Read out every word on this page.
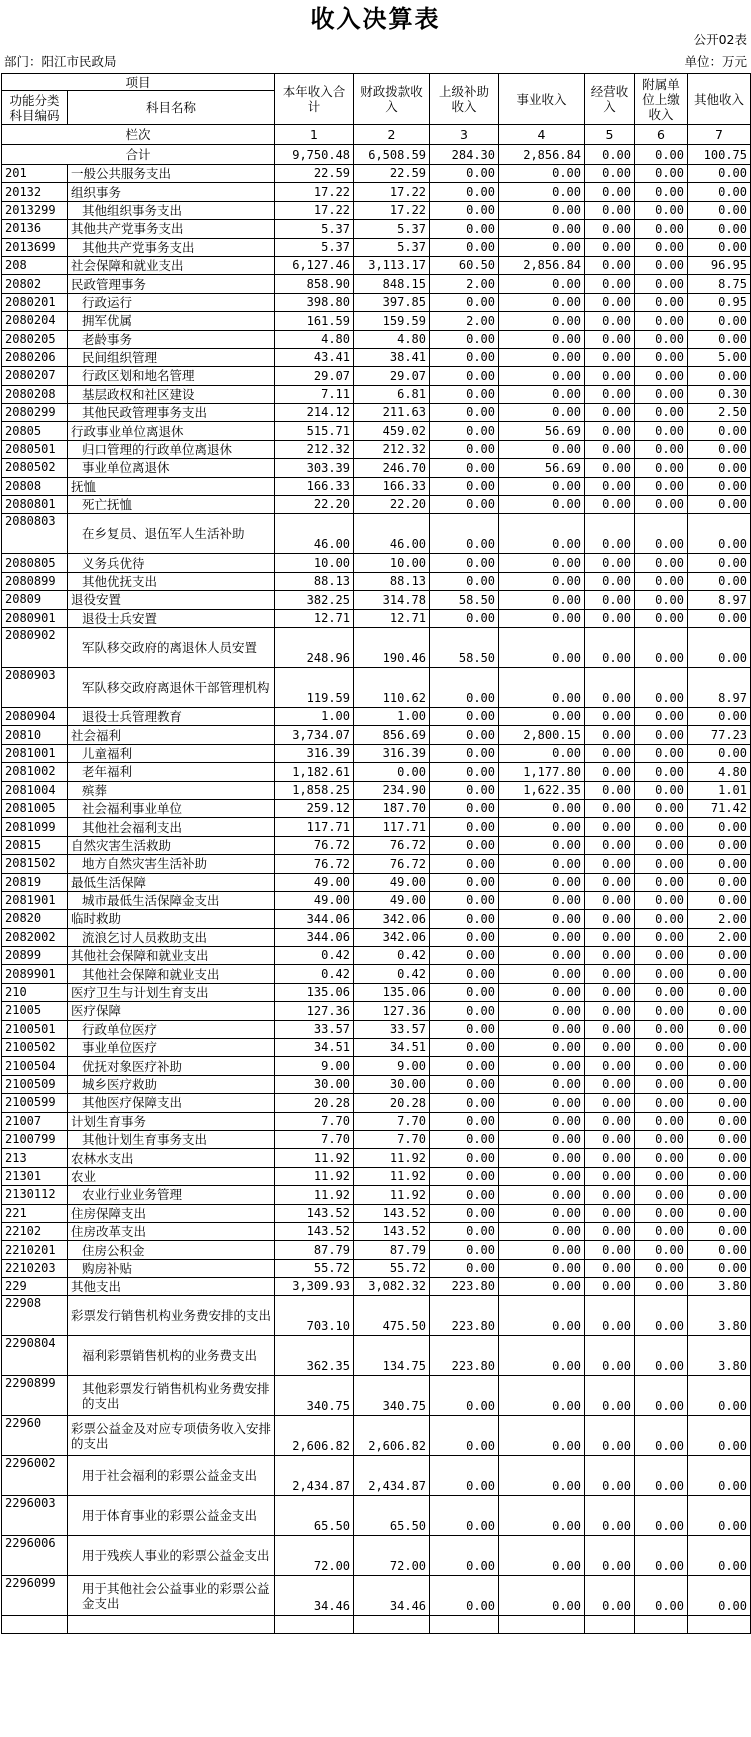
收入决算表
公开02表
部门：阳江市民政局	单位：万元
项目		本年收入合计	财政拨款收入	上级补助收入	事业收入	经营收入	附属单位上缴收入	其他收入
功能分类科目编码	科目名称							

栏次		1	2	3	4	5	6	7
合计		9,750.48	6,508.59	284.30	2,856.84	0.00	0.00	100.75
201	一般公共服务支出	22.59	22.59	0.00	0.00	0.00	0.00	0.00
20132	组织事务	17.22	17.22	0.00	0.00	0.00	0.00	0.00
2013299	其他组织事务支出	17.22	17.22	0.00	0.00	0.00	0.00	0.00
20136	其他共产党事务支出	5.37	5.37	0.00	0.00	0.00	0.00	0.00
2013699	其他共产党事务支出	5.37	5.37	0.00	0.00	0.00	0.00	0.00
208	社会保障和就业支出	6,127.46	3,113.17	60.50	2,856.84	0.00	0.00	96.95
20802	民政管理事务	858.90	848.15	2.00	0.00	0.00	0.00	8.75
2080201	行政运行	398.80	397.85	0.00	0.00	0.00	0.00	0.95
2080204	拥军优属	161.59	159.59	2.00	0.00	0.00	0.00	0.00
2080205	老龄事务	4.80	4.80	0.00	0.00	0.00	0.00	0.00
2080206	民间组织管理	43.41	38.41	0.00	0.00	0.00	0.00	5.00
2080207	行政区划和地名管理	29.07	29.07	0.00	0.00	0.00	0.00	0.00
2080208	基层政权和社区建设	7.11	6.81	0.00	0.00	0.00	0.00	0.30
2080299	其他民政管理事务支出	214.12	211.63	0.00	0.00	0.00	0.00	2.50
20805	行政事业单位离退休	515.71	459.02	0.00	56.69	0.00	0.00	0.00
2080501	归口管理的行政单位离退休	212.32	212.32	0.00	0.00	0.00	0.00	0.00
2080502	事业单位离退休	303.39	246.70	0.00	56.69	0.00	0.00	0.00
20808	抚恤	166.33	166.33	0.00	0.00	0.00	0.00	0.00
2080801	死亡抚恤	22.20	22.20	0.00	0.00	0.00	0.00	0.00
2080803	在乡复员、退伍军人生活补助	46.00	46.00	0.00	0.00	0.00	0.00	0.00
2080805	义务兵优待	10.00	10.00	0.00	0.00	0.00	0.00	0.00
2080899	其他优抚支出	88.13	88.13	0.00	0.00	0.00	0.00	0.00
20809	退役安置	382.25	314.78	58.50	0.00	0.00	0.00	8.97
2080901	退役士兵安置	12.71	12.71	0.00	0.00	0.00	0.00	0.00
2080902	军队移交政府的离退休人员安置	248.96	190.46	58.50	0.00	0.00	0.00	0.00
2080903	军队移交政府离退休干部管理机构	119.59	110.62	0.00	0.00	0.00	0.00	8.97
2080904	退役士兵管理教育	1.00	1.00	0.00	0.00	0.00	0.00	0.00
20810	社会福利	3,734.07	856.69	0.00	2,800.15	0.00	0.00	77.23
2081001	儿童福利	316.39	316.39	0.00	0.00	0.00	0.00	0.00
2081002	老年福利	1,182.61	0.00	0.00	1,177.80	0.00	0.00	4.80
2081004	殡葬	1,858.25	234.90	0.00	1,622.35	0.00	0.00	1.01
2081005	社会福利事业单位	259.12	187.70	0.00	0.00	0.00	0.00	71.42
2081099	其他社会福利支出	117.71	117.71	0.00	0.00	0.00	0.00	0.00
20815	自然灾害生活救助	76.72	76.72	0.00	0.00	0.00	0.00	0.00
2081502	地方自然灾害生活补助	76.72	76.72	0.00	0.00	0.00	0.00	0.00
20819	最低生活保障	49.00	49.00	0.00	0.00	0.00	0.00	0.00
2081901	城市最低生活保障金支出	49.00	49.00	0.00	0.00	0.00	0.00	0.00
20820	临时救助	344.06	342.06	0.00	0.00	0.00	0.00	2.00
2082002	流浪乞讨人员救助支出	344.06	342.06	0.00	0.00	0.00	0.00	2.00
20899	其他社会保障和就业支出	0.42	0.42	0.00	0.00	0.00	0.00	0.00
2089901	其他社会保障和就业支出	0.42	0.42	0.00	0.00	0.00	0.00	0.00
210	医疗卫生与计划生育支出	135.06	135.06	0.00	0.00	0.00	0.00	0.00
21005	医疗保障	127.36	127.36	0.00	0.00	0.00	0.00	0.00
2100501	行政单位医疗	33.57	33.57	0.00	0.00	0.00	0.00	0.00
2100502	事业单位医疗	34.51	34.51	0.00	0.00	0.00	0.00	0.00
2100504	优抚对象医疗补助	9.00	9.00	0.00	0.00	0.00	0.00	0.00
2100509	城乡医疗救助	30.00	30.00	0.00	0.00	0.00	0.00	0.00
2100599	其他医疗保障支出	20.28	20.28	0.00	0.00	0.00	0.00	0.00
21007	计划生育事务	7.70	7.70	0.00	0.00	0.00	0.00	0.00
2100799	其他计划生育事务支出	7.70	7.70	0.00	0.00	0.00	0.00	0.00
213	农林水支出	11.92	11.92	0.00	0.00	0.00	0.00	0.00
21301	农业	11.92	11.92	0.00	0.00	0.00	0.00	0.00
2130112	农业行业业务管理	11.92	11.92	0.00	0.00	0.00	0.00	0.00
221	住房保障支出	143.52	143.52	0.00	0.00	0.00	0.00	0.00
22102	住房改革支出	143.52	143.52	0.00	0.00	0.00	0.00	0.00
2210201	住房公积金	87.79	87.79	0.00	0.00	0.00	0.00	0.00
2210203	购房补贴	55.72	55.72	0.00	0.00	0.00	0.00	0.00
229	其他支出	3,309.93	3,082.32	223.80	0.00	0.00	0.00	3.80
22908	彩票发行销售机构业务费安排的支出	703.10	475.50	223.80	0.00	0.00	0.00	3.80
2290804	福利彩票销售机构的业务费支出	362.35	134.75	223.80	0.00	0.00	0.00	3.80
2290899	其他彩票发行销售机构业务费安排的支出	340.75	340.75	0.00	0.00	0.00	0.00	0.00
22960	彩票公益金及对应专项债务收入安排的支出	2,606.82	2,606.82	0.00	0.00	0.00	0.00	0.00
2296002	用于社会福利的彩票公益金支出	2,434.87	2,434.87	0.00	0.00	0.00	0.00	0.00
2296003	用于体育事业的彩票公益金支出	65.50	65.50	0.00	0.00	0.00	0.00	0.00
2296006	用于残疾人事业的彩票公益金支出	72.00	72.00	0.00	0.00	0.00	0.00	0.00
2296099	用于其他社会公益事业的彩票公益金支出	34.46	34.46	0.00	0.00	0.00	0.00	0.00
